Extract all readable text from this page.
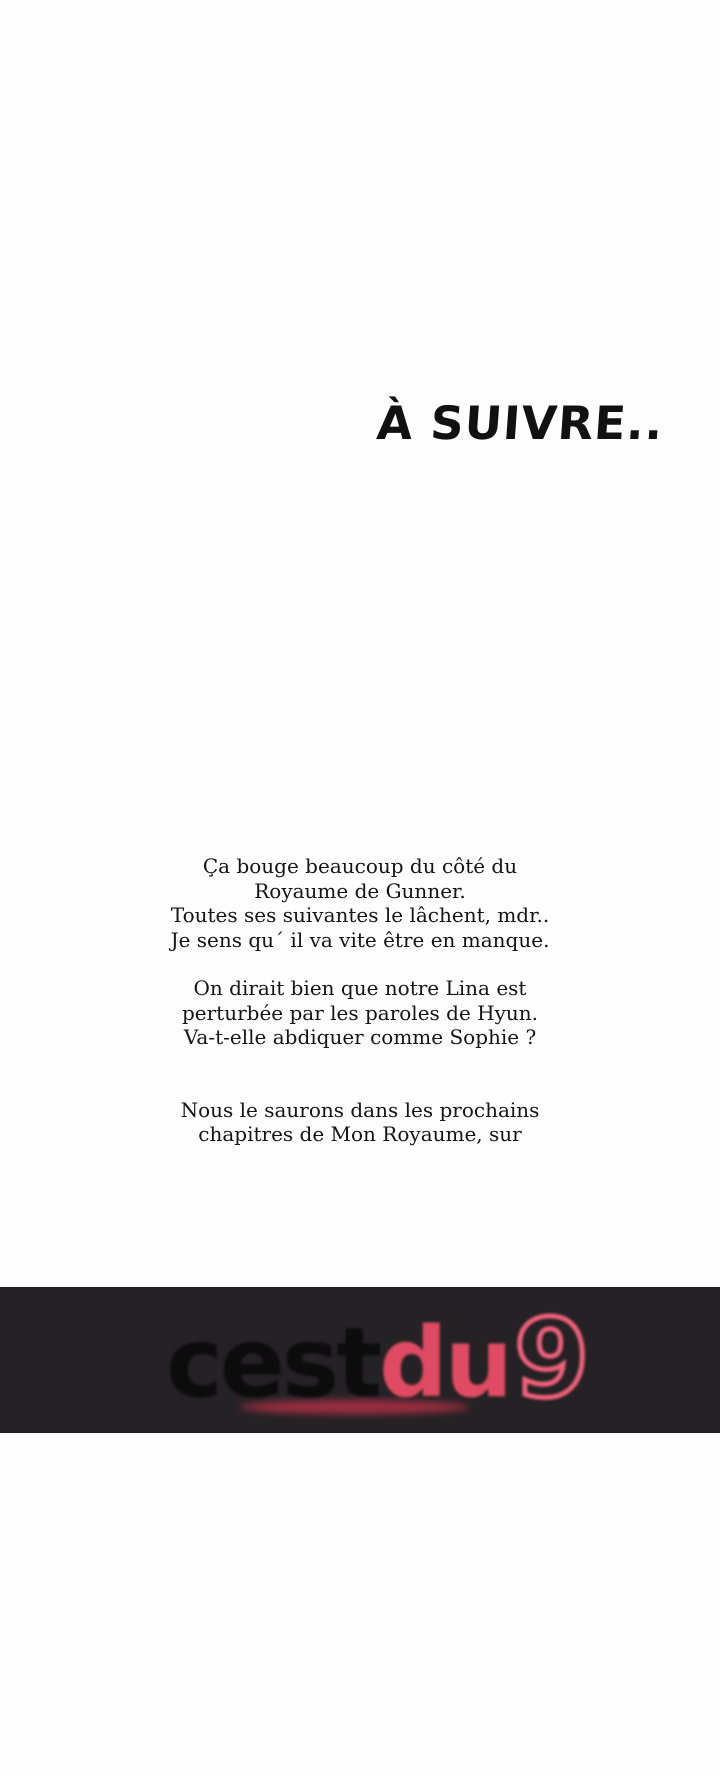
À SUIVRE..

Ça bouge beaucoup du côté du

Royaume de Gunner.

Toutes ses suivantes le lâchent, mdr..

Je sens qu´ il va vite être en manque.

On dirait bien que notre Lina est

perturbée par les paroles de Hyun.

Va-t-elle abdiquer comme Sophie ?

Nous le saurons dans les prochains

chapitres de Mon Royaume, sur

cestdu9
